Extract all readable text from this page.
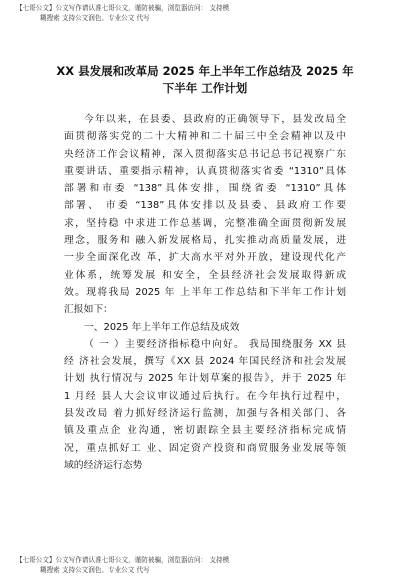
【七哥公文】公文写作请认准七哥公文，谨防被骗，浏览器访问： 支持模
糊搜索 支持公文润色、专业公文 代写
XX 县发展和改革局 2025 年上半年工作总结及 2025 年
下半年 工作计划
今年以来，在县委、县政府的正确领导下，县发改局全
面贯彻落实党的二十大精神和二十届三中全会精神以及中
央经济工作会议精神，深入贯彻落实总书记总书记视察广东
重要讲话、重要指示精神，认真贯彻落实省委 “1310”具体
部署和市委 “138”具体安排，围绕省委 “1310”具体
部署、 市委 “138”具体安排以及县委、县政府工作要
求，坚持稳 中求进工作总基调，完整准确全面贯彻新发展
理念，服务和 融入新发展格局，扎实推动高质量发展，进
一步全面深化改 革，扩大高水平对外开放，建设现代化产
业体系，统筹发展 和安全，全县经济社会发展取得新成
效。现将我局 2025 年 上半年工作总结和下半年工作计划
汇报如下：
一、2025 年上半年工作总结及成效
（ 一 ）主要经济指标稳中向好。 我局围绕服务 XX 县
经 济社会发展，撰写《XX 县 2024 年国民经济和社会发展
计划 执行情况与 2025 年计划草案的报告》，并于 2025 年
1 月经 县人大会议审议通过后执行。在今年执行过程中，
县发改局 着力抓好经济运行监测，加强与各相关部门、各
镇及重点企 业沟通，密切跟踪全县主要经济指标完成情
况，重点抓好工 业、固定资产投资和商贸服务业发展等领
域的经济运行态势
【七哥公文】公文写作请认准七哥公文，谨防被骗，浏览器访问： 支持模
糊搜索 支持公文润色、专业公文 代写
